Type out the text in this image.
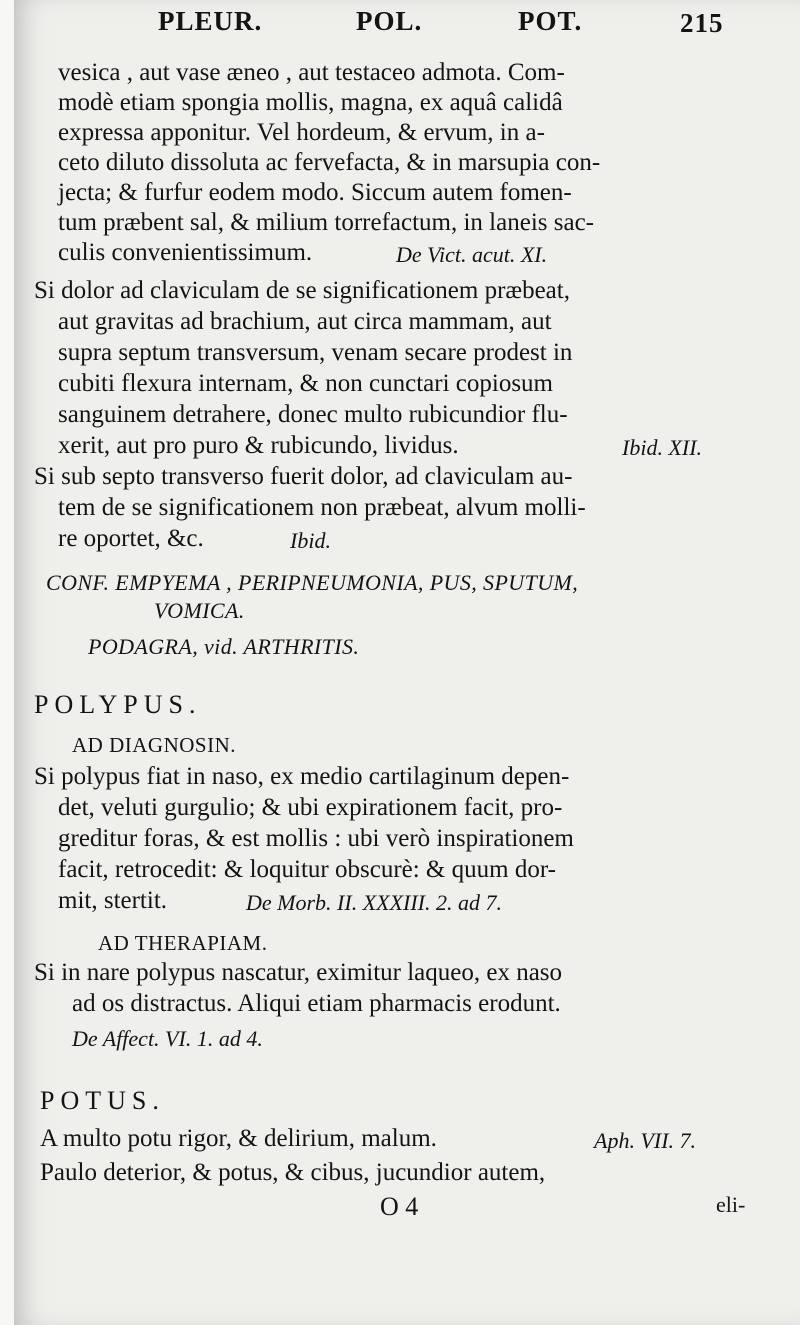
PLEUR.	POL.	POT.	215
vesica , aut vase æneo , aut testaceo admota. Com-
modè etiam spongia mollis, magna, ex aquâ calidâ
expressa apponitur. Vel hordeum, & ervum, in a-
ceto diluto dissoluta ac fervefacta, & in marsupia con-
jecta; & furfur eodem modo. Siccum autem fomen-
tum præbent sal, & milium torrefactum, in laneis sac-
culis convenientissimum.	De Vict. acut. XI.
Si dolor ad claviculam de se significationem præbeat,
aut gravitas ad brachium, aut circa mammam, aut
supra septum transversum, venam secare prodest in
cubiti flexura internam, & non cunctari copiosum
sanguinem detrahere, donec multo rubicundior flu-
xerit, aut pro puro & rubicundo, lividus.	Ibid. XII.
Si sub septo transverso fuerit dolor, ad claviculam au-
tem de se significationem non præbeat, alvum molli-
re oportet, &c.	Ibid.
CONF. EMPYEMA , PERIPNEUMONIA, PUS, SPUTUM,
VOMICA.
PODAGRA, vid. ARTHRITIS.
POLYPUS.
AD DIAGNOSIN.
Si polypus fiat in naso, ex medio cartilaginum depen-
det, veluti gurgulio; & ubi expirationem facit, pro-
greditur foras, & est mollis : ubi verò inspirationem
facit, retrocedit: & loquitur obscurè: & quum dor-
mit, stertit.	De Morb. II. XXXIII. 2. ad 7.
AD THERAPIAM.
Si in nare polypus nascatur, eximitur laqueo, ex naso
ad os distractus. Aliqui etiam pharmacis erodunt.
De Affect. VI. 1. ad 4.
POTUS.
A multo potu rigor, & delirium, malum.	Aph. VII. 7.
Paulo deterior, & potus, & cibus, jucundior autem,
O 4	eli-
